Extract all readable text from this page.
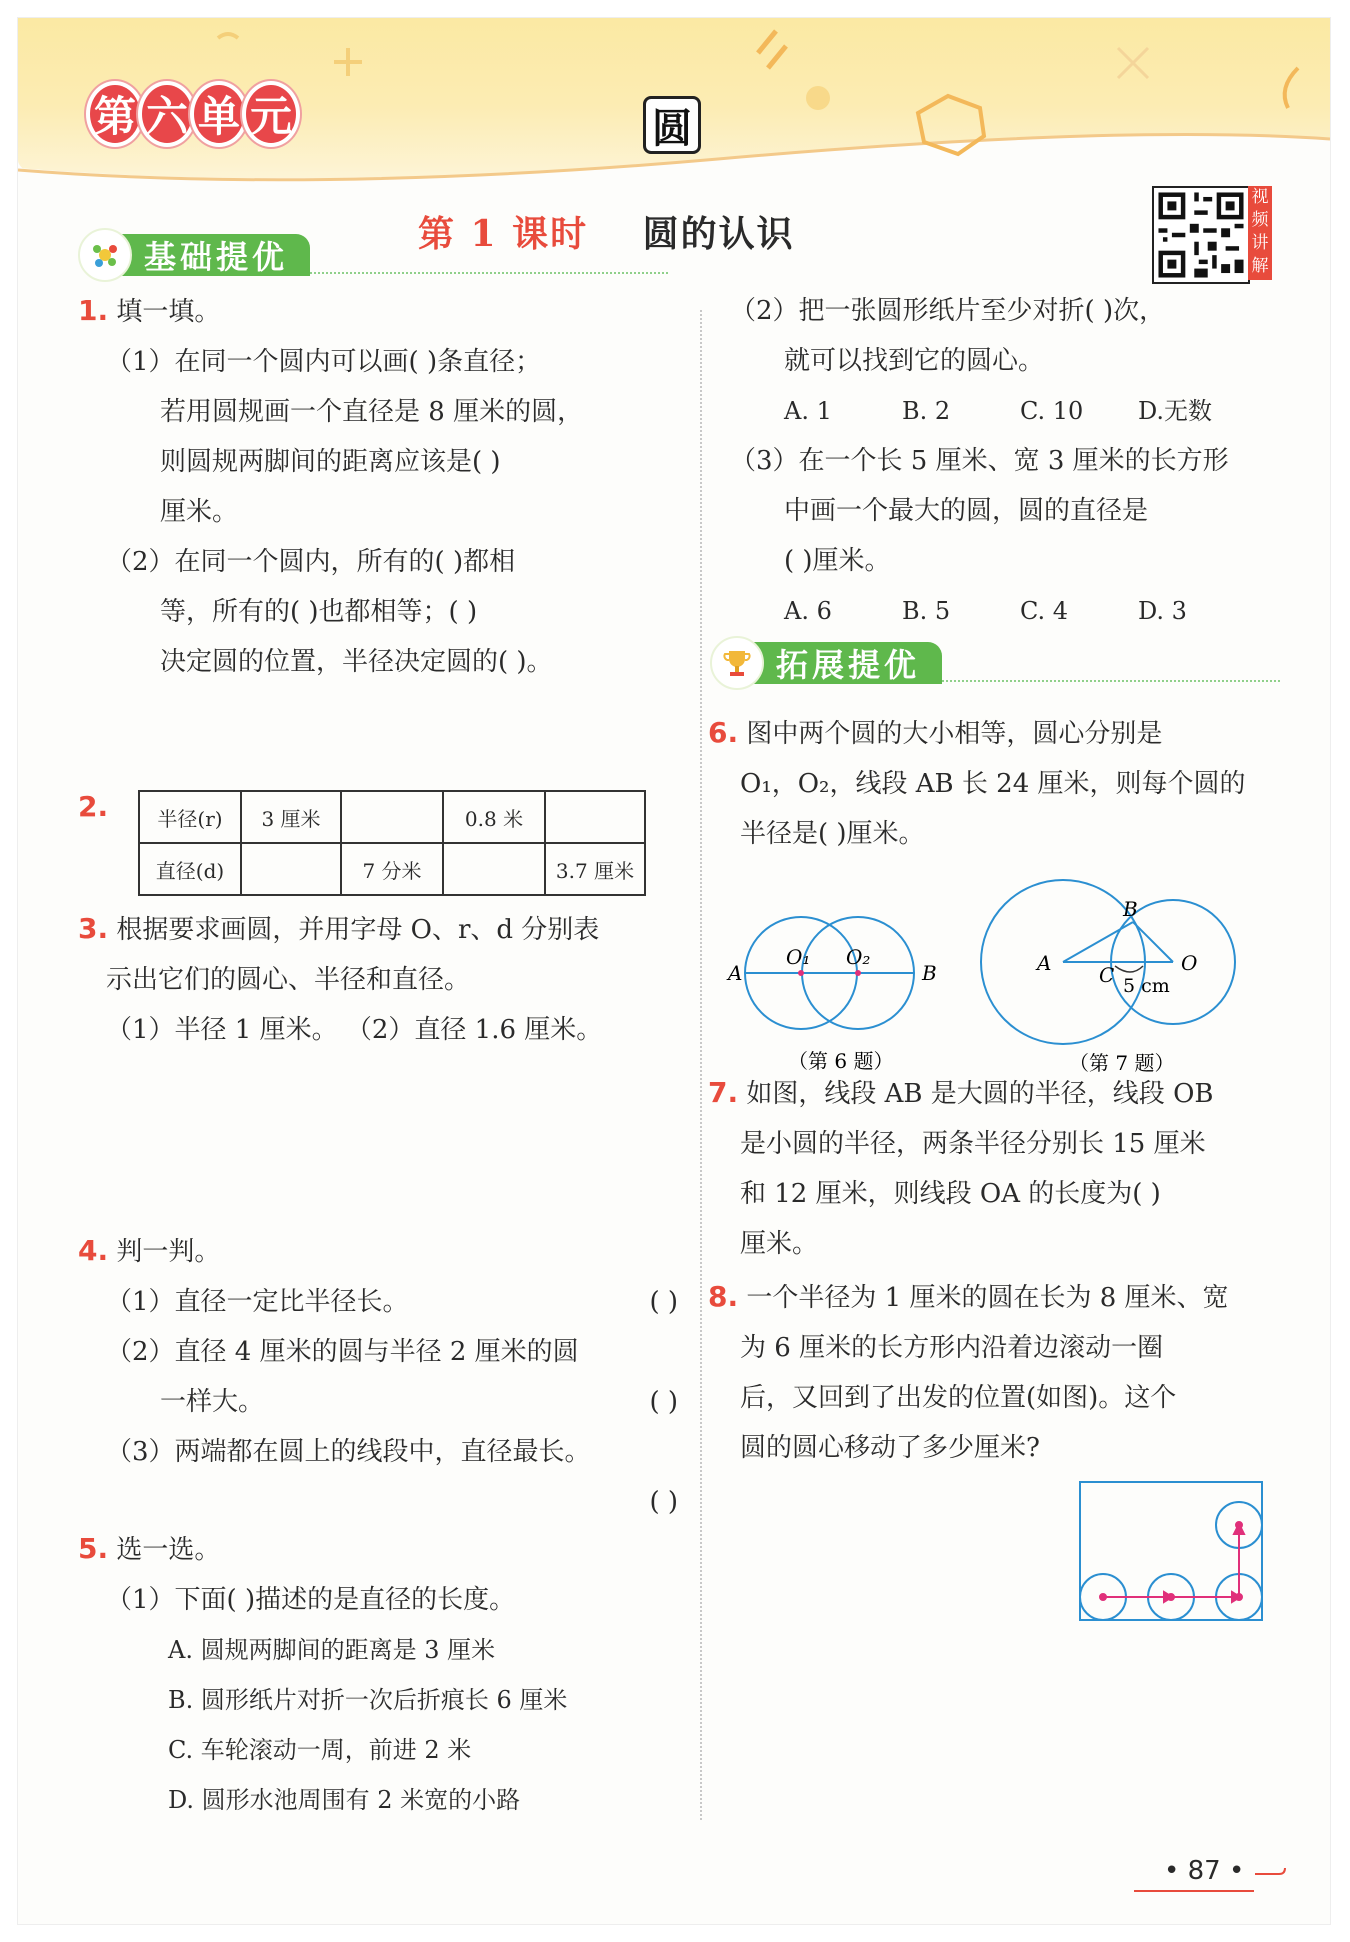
第 六 单 元	圆
第 1 课时 圆的认识
视
频
讲
解
基础提优
1. 填一填。
（1）在同一个圆内可以画( )条直径；
若用圆规画一个直径是 8 厘米的圆，
则圆规两脚间的距离应该是( )
厘米。
（2）在同一个圆内，所有的( )都相
等，所有的( )也都相等；( )
决定圆的位置，半径决定圆的( )。
2. 半径(r)	3 厘米		0.8 米	
直径(d)		7 分米		3.7 厘米
3. 根据要求画圆，并用字母 O、r、d 分别表
示出它们的圆心、半径和直径。
（1）半径 1 厘米。 （2）直径 1.6 厘米。
4. 判一判。
（1）直径一定比半径长。	( )
（2）直径 4 厘米的圆与半径 2 厘米的圆
一样大。	( )
（3）两端都在圆上的线段中，直径最长。
( )
5. 选一选。
（1）下面( )描述的是直径的长度。
A. 圆规两脚间的距离是 3 厘米
B. 圆形纸片对折一次后折痕长 6 厘米
C. 车轮滚动一周，前进 2 米
D. 圆形水池周围有 2 米宽的小路
（2）把一张圆形纸片至少对折( )次，
就可以找到它的圆心。
A. 1	B. 2	C. 10	D.无数
（3）在一个长 5 厘米、宽 3 厘米的长方形
中画一个最大的圆，圆的直径是
( )厘米。
A. 6	B. 5	C. 4	D. 3
拓展提优
6. 图中两个圆的大小相等，圆心分别是
O₁，O₂，线段 AB 长 24 厘米，则每个圆的
半径是( )厘米。
A
O₁ O₂
B
（第 6 题）
B
A C	O
5 cm
（第 7 题）
7. 如图，线段 AB 是大圆的半径，线段 OB
是小圆的半径，两条半径分别长 15 厘米
和 12 厘米，则线段 OA 的长度为( )
厘米。
8. 一个半径为 1 厘米的圆在长为 8 厘米、宽
为 6 厘米的长方形内沿着边滚动一圈
后，又回到了出发的位置(如图)。这个
圆的圆心移动了多少厘米?
• 87 •
